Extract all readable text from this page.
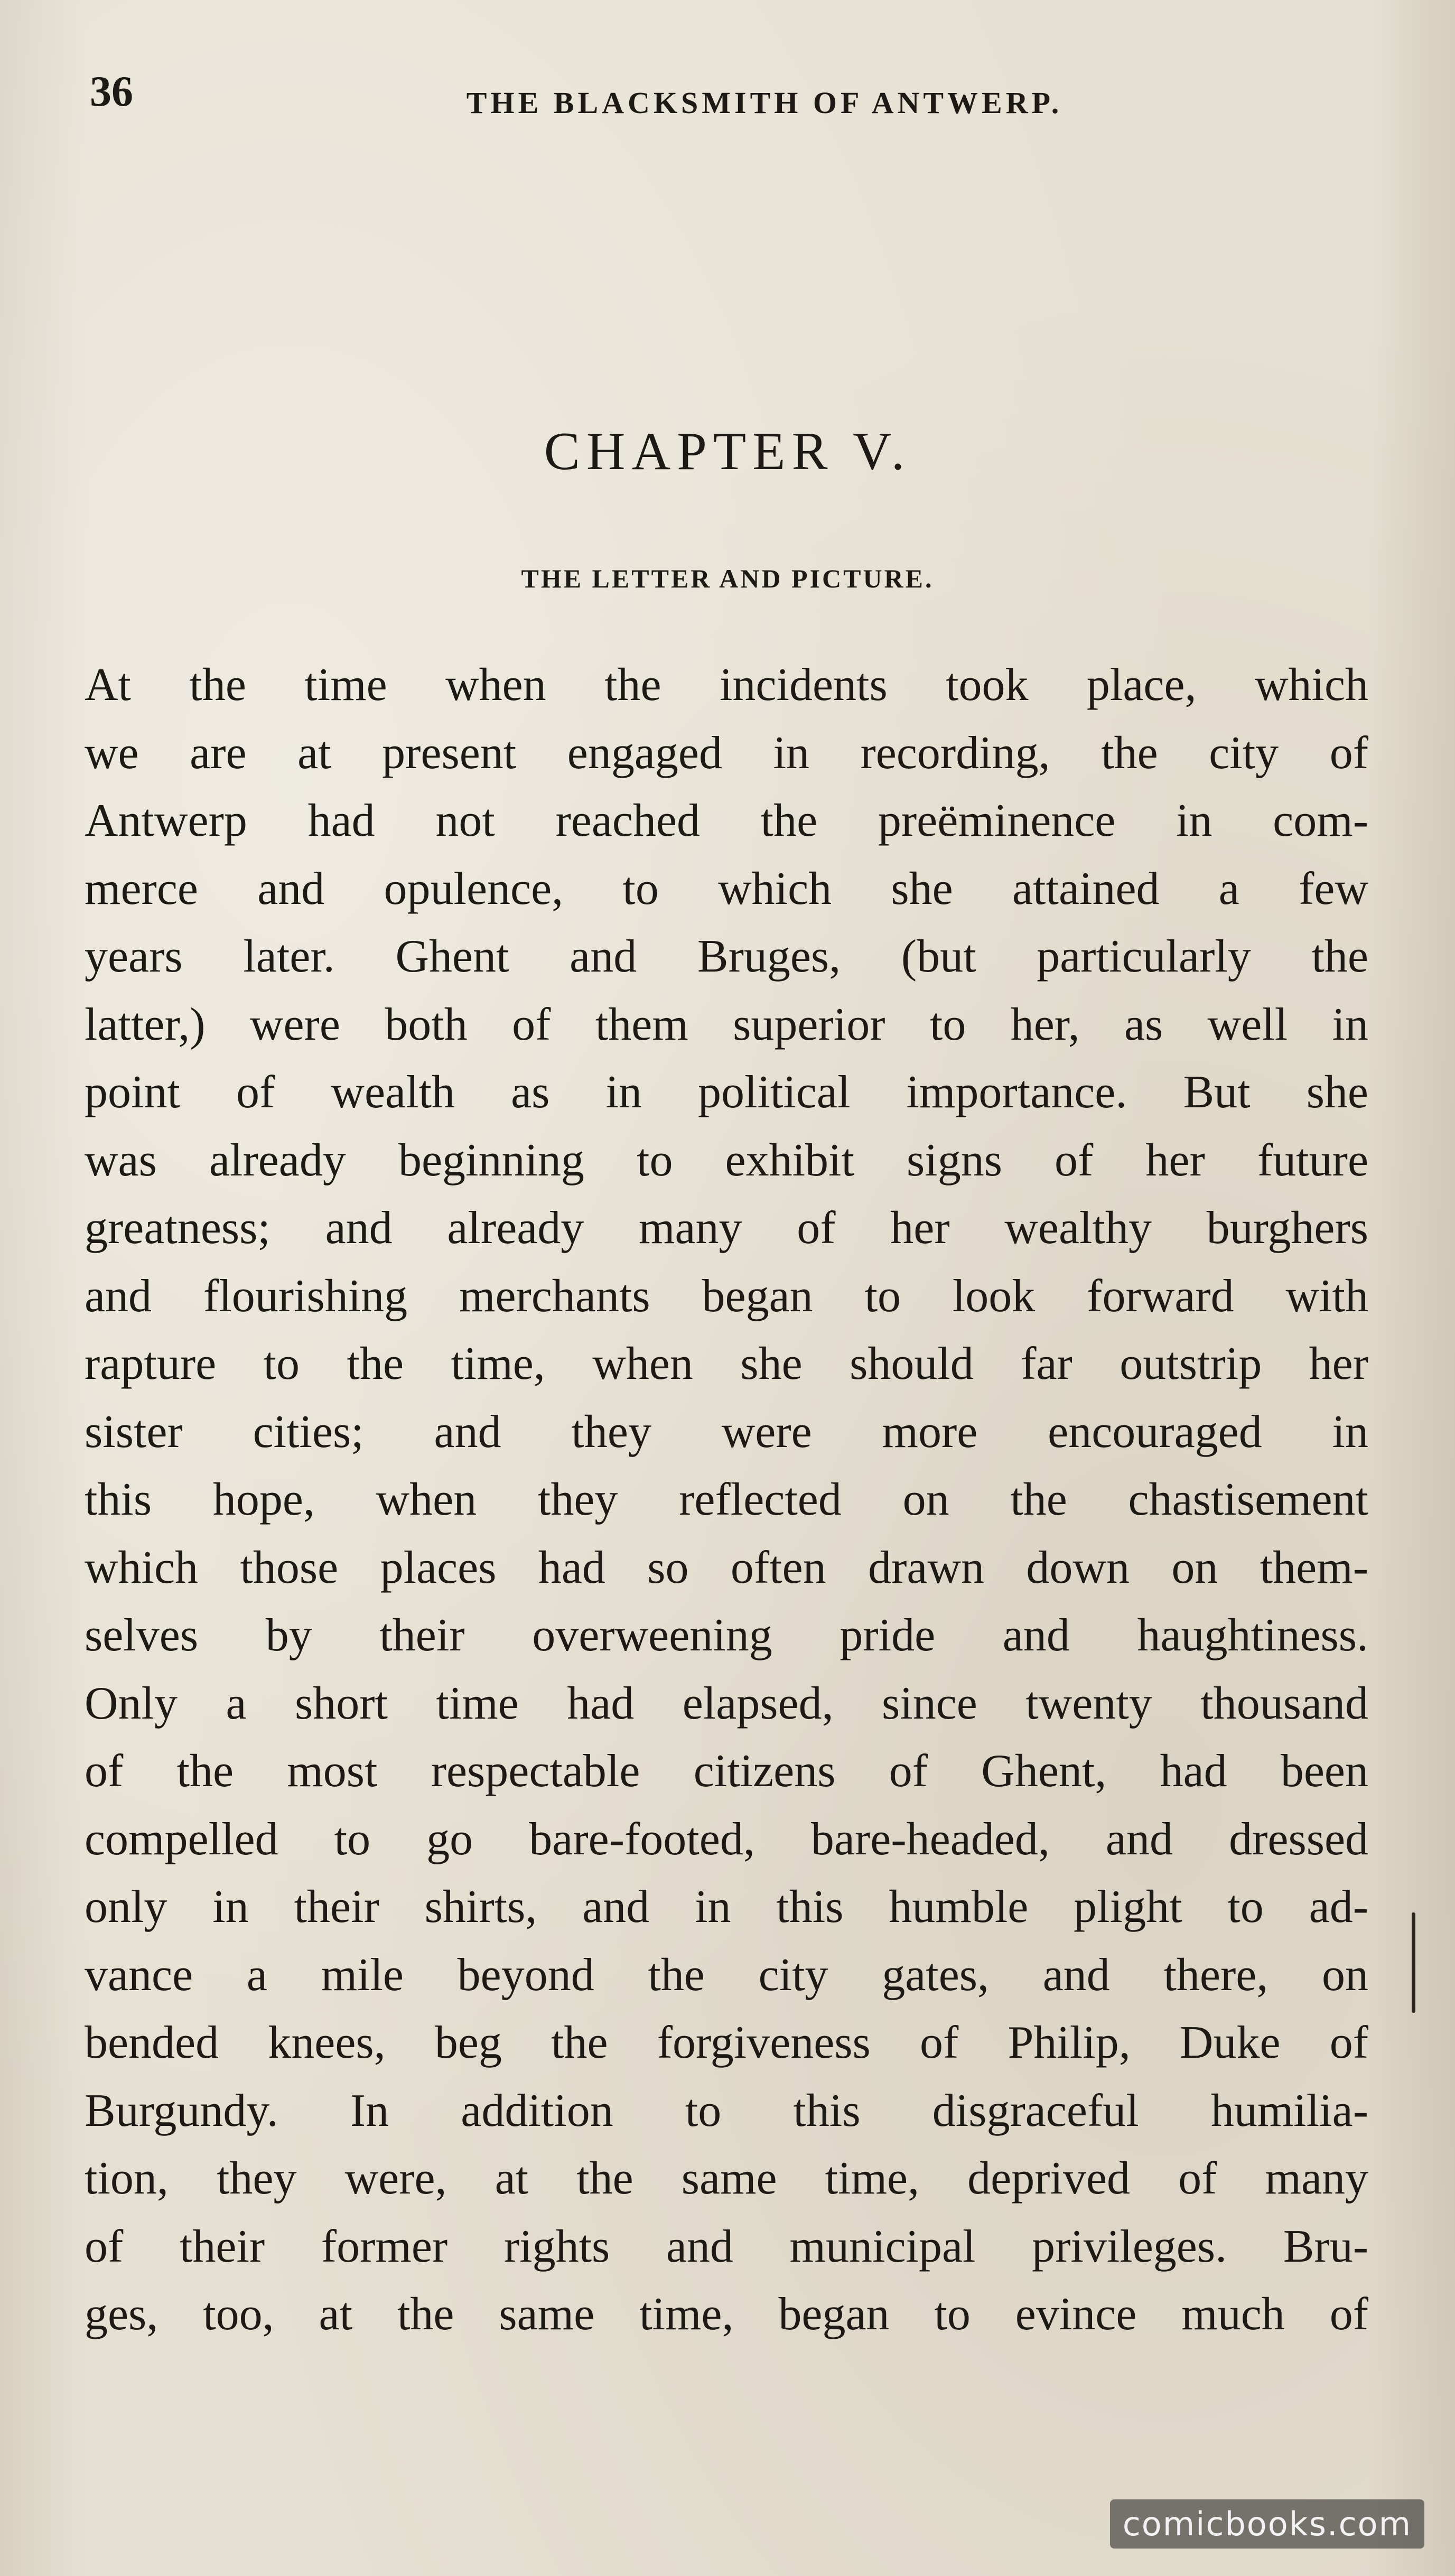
36	THE BLACKSMITH OF ANTWERP.
CHAPTER V.
THE LETTER AND PICTURE.
At the time when the incidents took place, which
we are at present engaged in recording, the city of
Antwerp had not reached the preëminence in com-
merce and opulence, to which she attained a few
years later. Ghent and Bruges, (but particularly the
latter,) were both of them superior to her, as well in
point of wealth as in political importance. But she
was already beginning to exhibit signs of her future
greatness; and already many of her wealthy burghers
and flourishing merchants began to look forward with
rapture to the time, when she should far outstrip her
sister cities; and they were more encouraged in
this hope, when they reflected on the chastisement
which those places had so often drawn down on them-
selves by their overweening pride and haughtiness.
Only a short time had elapsed, since twenty thousand
of the most respectable citizens of Ghent, had been
compelled to go bare-footed, bare-headed, and dressed
only in their shirts, and in this humble plight to ad-
vance a mile beyond the city gates, and there, on
bended knees, beg the forgiveness of Philip, Duke of
Burgundy. In addition to this disgraceful humilia-
tion, they were, at the same time, deprived of many
of their former rights and municipal privileges. Bru-
ges, too, at the same time, began to evince much of
comicbooks.com
